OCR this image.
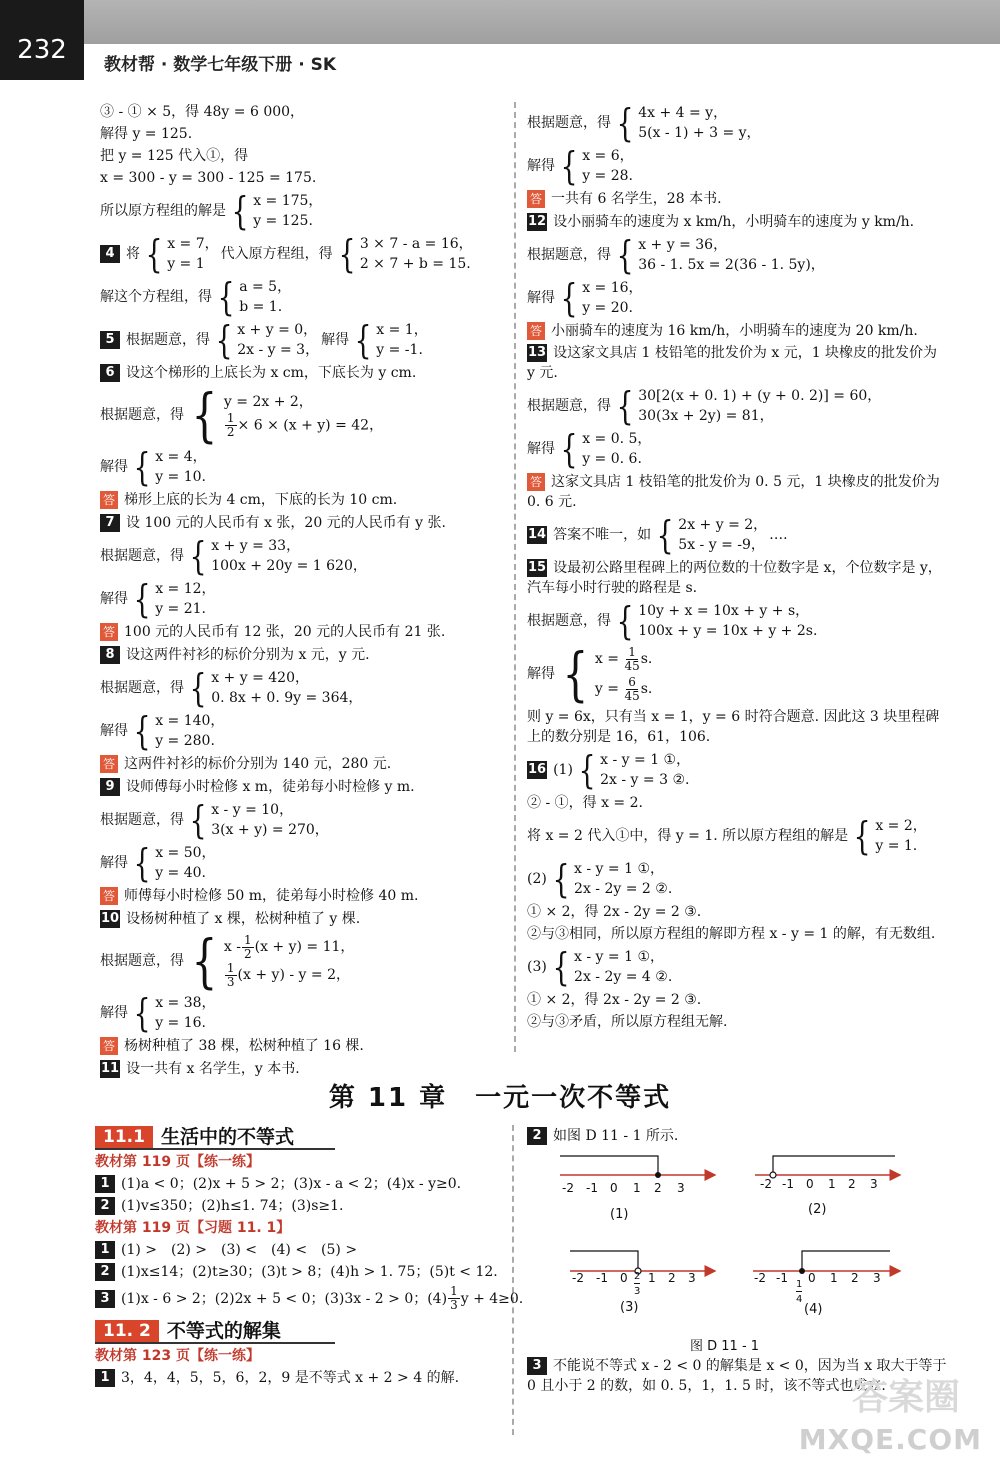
232	教材帮 · 数学七年级下册 · SK
③ - ① × 5，得 48y = 6 000，
解得 y = 125.
把 y = 125 代入①，得
x = 300 - y = 300 - 125 = 175.
所以原方程组的解是 { x = 175，
y = 125.
4 将 { x = 7，
y = 1
代入原方程组，得 { 3 × 7 - a = 16，
2 × 7 + b = 15.
解这个方程组，得 { a = 5，
b = 1.
5 根据题意，得 { x + y = 0，
2x - y = 3，
解得 { x = 1，
y = -1.
6 设这个梯形的上底长为 x cm，下底长为 y cm.
根据题意，得 { y = 2x + 2，
$\frac{1}{2} \times 6 \times (x + y) = 42$，
解得 { x = 4，
y = 10.
答 梯形上底的长为 4 cm，下底的长为 10 cm.
7 设 100 元的人民币有 x 张，20 元的人民币有 y 张.
根据题意，得 { x + y = 33，
100x + 20y = 1 620，
解得 { x = 12，
y = 21.
答 100 元的人民币有 12 张，20 元的人民币有 21 张.
8 设这两件衬衫的标价分别为 x 元，y 元.
根据题意，得 { x + y = 420，
0. 8x + 0. 9y = 364，
解得 { x = 140，
y = 280.
答 这两件衬衫的标价分别为 140 元，280 元.
9 设师傅每小时检修 x m，徒弟每小时检修 y m.
根据题意，得 { x - y = 10，
3(x + y) = 270，
解得 { x = 50，
y = 40.
答 师傅每小时检修 50 m，徒弟每小时检修 40 m.
10 设杨树种植了 x 棵，松树种植了 y 棵.
根据题意，得 { $x - \frac{1}{2} (x + y) = 11$，
$\frac{1}{3} (x + y) - y = 2$，
解得 { x = 38，
y = 16.
答 杨树种植了 38 棵，松树种植了 16 棵.
11 设一共有 x 名学生，y 本书.
根据题意，得 { 4x + 4 = y，
5(x - 1) + 3 = y，
解得 { x = 6，
y = 28.
答 一共有 6 名学生，28 本书.
12 设小丽骑车的速度为 x km/h，小明骑车的速度为 y km/h.
根据题意，得 { x + y = 36，
36 - 1. 5x = 2(36 - 1. 5y)，
解得 { x = 16，
y = 20.
答 小丽骑车的速度为 16 km/h，小明骑车的速度为 20 km/h.
13 设这家文具店 1 枝铅笔的批发价为 x 元，1 块橡皮的批发价为 y 元.
根据题意，得 { 30[2(x + 0. 1) + (y + 0. 2)] = 60，
30(3x + 2y) = 81，
解得 { x = 0. 5，
y = 0. 6.
答 这家文具店 1 枝铅笔的批发价为 0. 5 元，1 块橡皮的批发价为 0. 6 元.
14 答案不唯一，如 { 2x + y = 2，
5x - y = -9，
….
15 设最初公路里程碑上的两位数的十位数字是 x，个位数字是 y，汽车每小时行驶的路程是 s.
根据题意，得 { 10y + x = 10x + y + s，
100x + y = 10x + y + 2s.
解得 { $x = \frac{1}{45} s$.
$y = \frac{6}{45} s$.
则 y = 6x，只有当 x = 1，y = 6 时符合题意. 因此这 3 块里程碑上的数分别是 16，61，106.
16 (1) { x - y = 1 ①，
2x - y = 3 ②.
② - ①，得 x = 2.
将 x = 2 代入①中，得 y = 1. 所以原方程组的解是 { x = 2，
y = 1.
(2) { x - y = 1 ①，
2x - 2y = 2 ②.
① × 2，得 2x - 2y = 2 ③.
②与③相同，所以原方程组的解即方程 x - y = 1 的解，有无数组.
(3) { x - y = 1 ①，
2x - 2y = 4 ②.
① × 2，得 2x - 2y = 2 ③.
②与③矛盾，所以原方程组无解.
第 11 章　一元一次不等式
11.1 生活中的不等式
教材第 119 页【练一练】
1 (1)a < 0；(2)x + 5 > 2；(3)x - a < 2；(4)x - y≥0.
2 (1)v≤350；(2)h≤1. 74；(3)s≥1.
教材第 119 页【习题 11. 1】
1 (1) >　(2) >　(3) <　(4) <　(5) >
2 (1)x≤14；(2)t≥30；(3)t > 8；(4)h > 1. 75；(5)t < 12.
3 (1)x - 6 > 2；(2)2x + 5 < 0；(3)3x - 2 > 0；$(4) \frac{1}{3}$ y + 4≥0.
11. 2 不等式的解集
教材第 123 页【练一练】
1 3，4，4，5，5，6，2，9 是不等式 x + 2 > 4 的解.
2 如图 D 11 - 1 所示.
-2 -1 0 1 2 3
(1)
-2 -1 0 1 2 3
(2)
-2 -1 0 1 2 3
2
3
(3)
-2 -1 0 1 2 3
1
4
(4)
图 D 11 - 1
3 不能说不等式 x - 2 < 0 的解集是 x < 0，因为当 x 取大于等于 0 且小于 2 的数，如 0. 5，1，1. 5 时，该不等式也成立.
答案圈
MXQE.COM
